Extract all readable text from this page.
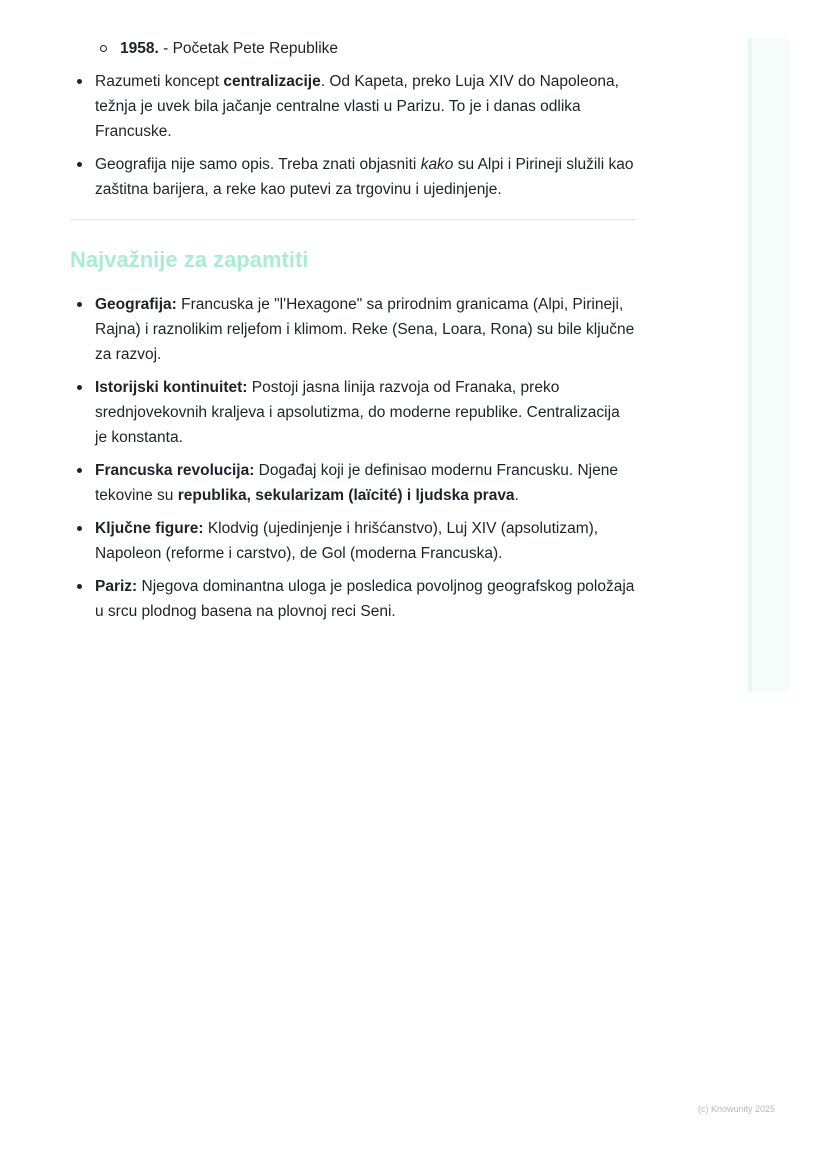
1958. - Početak Pete Republike
Razumeti koncept centralizacije. Od Kapeta, preko Luja XIV do Napoleona, težnja je uvek bila jačanje centralne vlasti u Parizu. To je i danas odlika Francuske.
Geografija nije samo opis. Treba znati objasniti kako su Alpi i Pirineji služili kao zaštitna barijera, a reke kao putevi za trgovinu i ujedinjenje.
Najvažnije za zapamtiti
Geografija: Francuska je "l'Hexagone" sa prirodnim granicama (Alpi, Pirineji, Rajna) i raznolikim reljefom i klimom. Reke (Sena, Loara, Rona) su bile ključne za razvoj.
Istorijski kontinuitet: Postoji jasna linija razvoja od Franaka, preko srednjovekovnih kraljeva i apsolutizma, do moderne republike. Centralizacija je konstanta.
Francuska revolucija: Događaj koji je definisao modernu Francusku. Njene tekovine su republika, sekularizam (laïcité) i ljudska prava.
Ključne figure: Klodvig (ujedinjenje i hrišćanstvo), Luj XIV (apsolutizam), Napoleon (reforme i carstvo), de Gol (moderna Francuska).
Pariz: Njegova dominantna uloga je posledica povoljnog geografskog položaja u srcu plodnog basena na plovnoj reci Seni.
(c) Knowunity 2025
